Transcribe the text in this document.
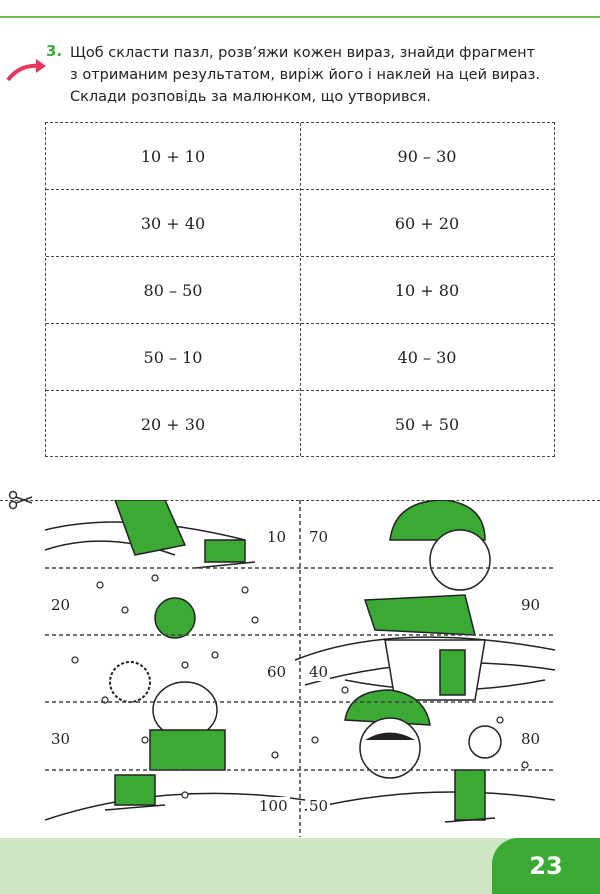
3. Щоб скласти пазл, розв’яжи кожен вираз, знайди фрагмент
з отриманим результатом, виріж його і наклей на цей вираз.
Склади розповідь за малюнком, що утворився.
10 + 10	90 – 30
30 + 40	60 + 20
80 – 50	10 + 80
50 – 10	40 – 30
20 + 30	50 + 50
10 70
20	90
60 40
30	80
100 50
23
